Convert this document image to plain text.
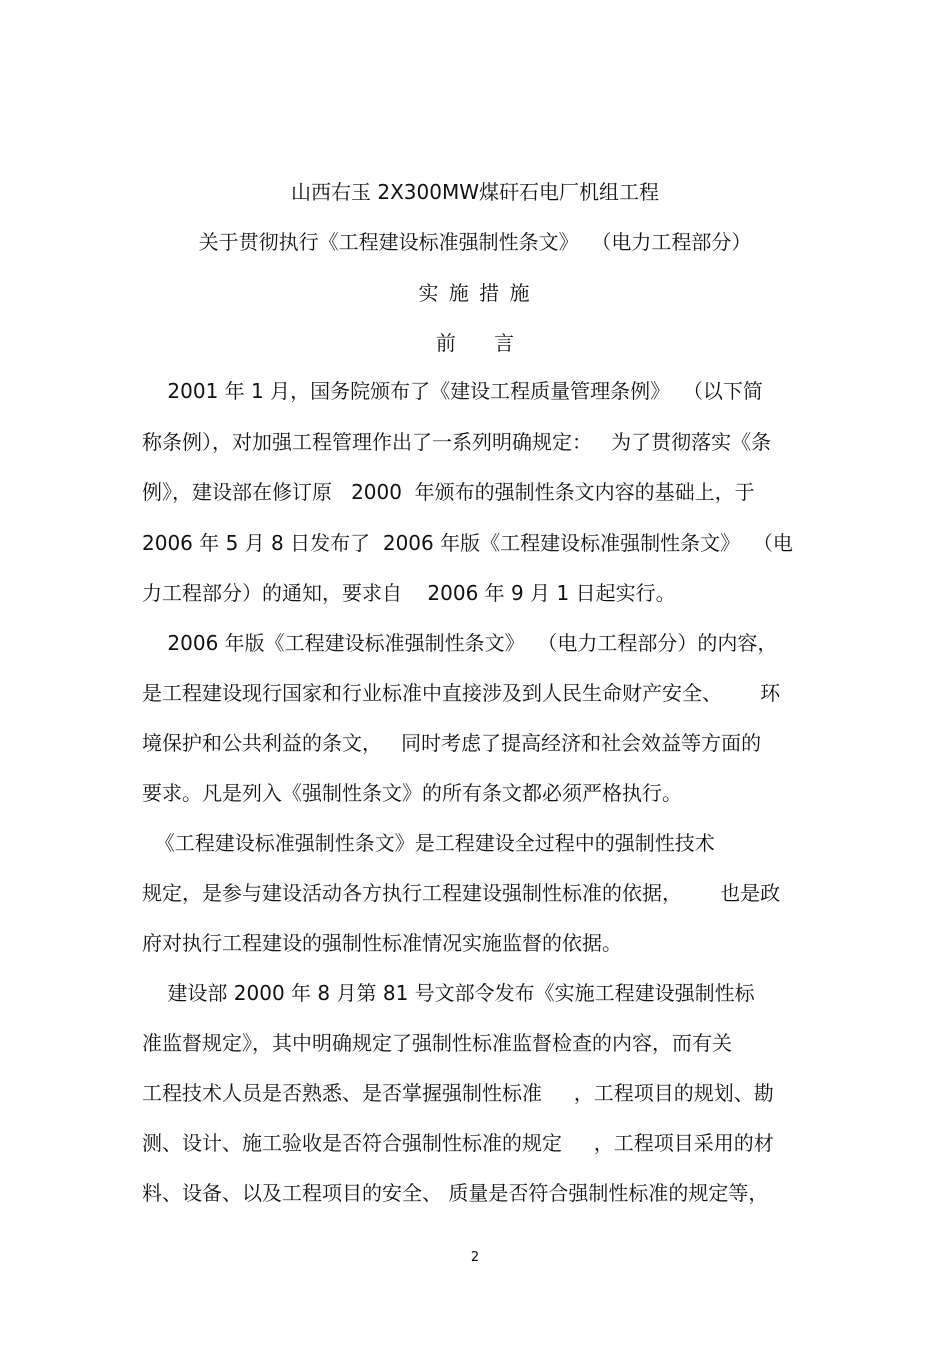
山西右玉 2X300MW煤矸石电厂机组工程
关于贯彻执行《工程建设标准强制性条文》  （电力工程部分）
实 施 措 施
前      言

2001 年 1 月，国务院颁布了《建设工程质量管理条例》  （以下简

称条例），对加强工程管理作出了一系列明确规定：   为了贯彻落实《条

例》，建设部在修订原   2000  年颁布的强制性条文内容的基础上，于

2006 年 5 月 8 日发布了  2006 年版《工程建设标准强制性条文》  （电

力工程部分）的通知，要求自    2006 年 9 月 1 日起实行。

2006 年版《工程建设标准强制性条文》  （电力工程部分）的内容，

是工程建设现行国家和行业标准中直接涉及到人民生命财产安全、      环

境保护和公共利益的条文，   同时考虑了提高经济和社会效益等方面的

要求。凡是列入《强制性条文》的所有条文都必须严格执行。

《工程建设标准强制性条文》是工程建设全过程中的强制性技术

规定，是参与建设活动各方执行工程建设强制性标准的依据，      也是政

府对执行工程建设的强制性标准情况实施监督的依据。

建设部 2000 年 8 月第 81 号文部令发布《实施工程建设强制性标

准监督规定》，其中明确规定了强制性标准监督检查的内容，而有关

工程技术人员是否熟悉、是否掌握强制性标准     ，工程项目的规划、勘

测、设计、施工验收是否符合强制性标准的规定     ，工程项目采用的材

料、设备、以及工程项目的安全、 质量是否符合强制性标准的规定等，

2
